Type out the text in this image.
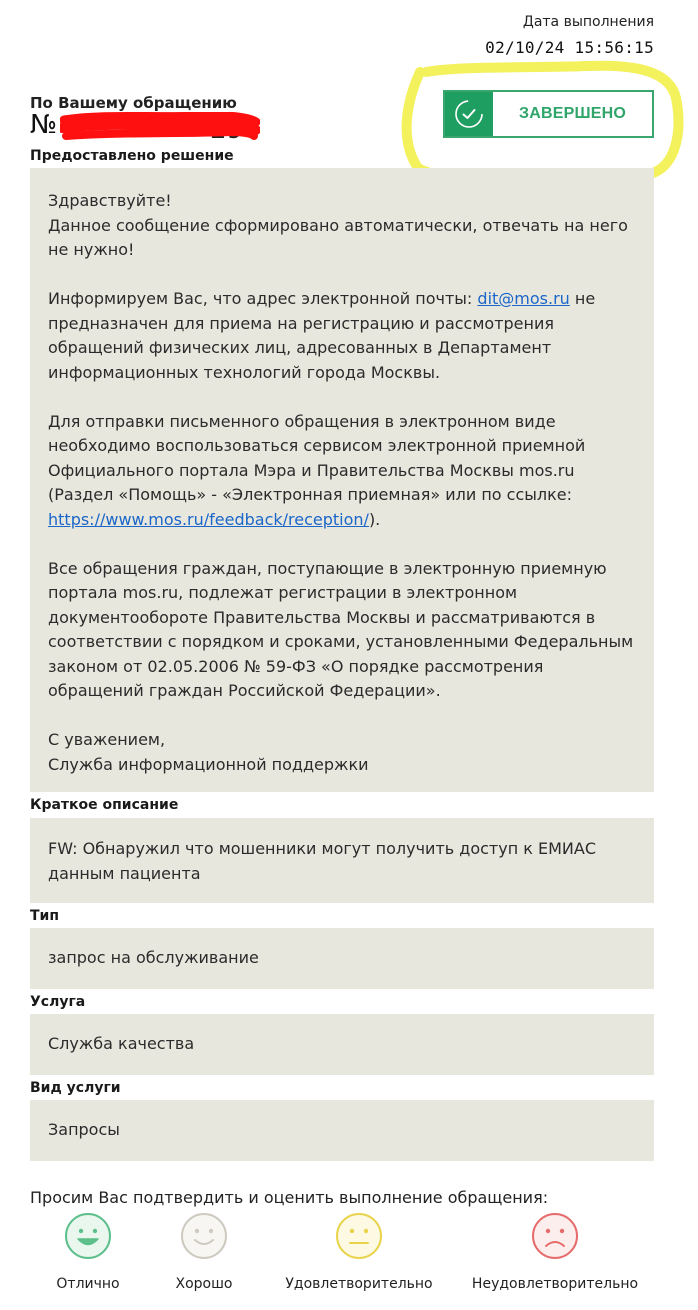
Дата выполнения
02/10/24 15:56:15
По Вашему обращению
№ 3	29
ЗАВЕРШЕНО
Предоставлено решение

Здравствуйте!

Данное сообщение сформировано автоматически, отвечать на него не нужно!

Информируем Вас, что адрес электронной почты: dit@mos.ru не предназначен для приема на регистрацию и рассмотрения обращений физических лиц, адресованных в Департамент информационных технологий города Москвы.

Для отправки письменного обращения в электронном виде необходимо воспользоваться сервисом электронной приемной Официального портала Мэра и Правительства Москвы mos.ru (Раздел «Помощь» - «Электронная приемная» или по ссылке: https://www.mos.ru/feedback/reception/).

Все обращения граждан, поступающие в электронную приемную портала mos.ru, подлежат регистрации в электронном документообороте Правительства Москвы и рассматриваются в соответствии с порядком и сроками, установленными Федеральным законом от 02.05.2006 № 59-ФЗ «О порядке рассмотрения обращений граждан Российской Федерации».

С уважением,

Служба информационной поддержки

Краткое описание

FW: Обнаружил что мошенники могут получить доступ к ЕМИАС данным пациента

Тип

запрос на обслуживание

Услуга

Служба качества

Вид услуги

Запросы

Просим Вас подтвердить и оценить выполнение обращения:
Отлично	Хорошо	Удовлетворительно	Неудовлетворительно
